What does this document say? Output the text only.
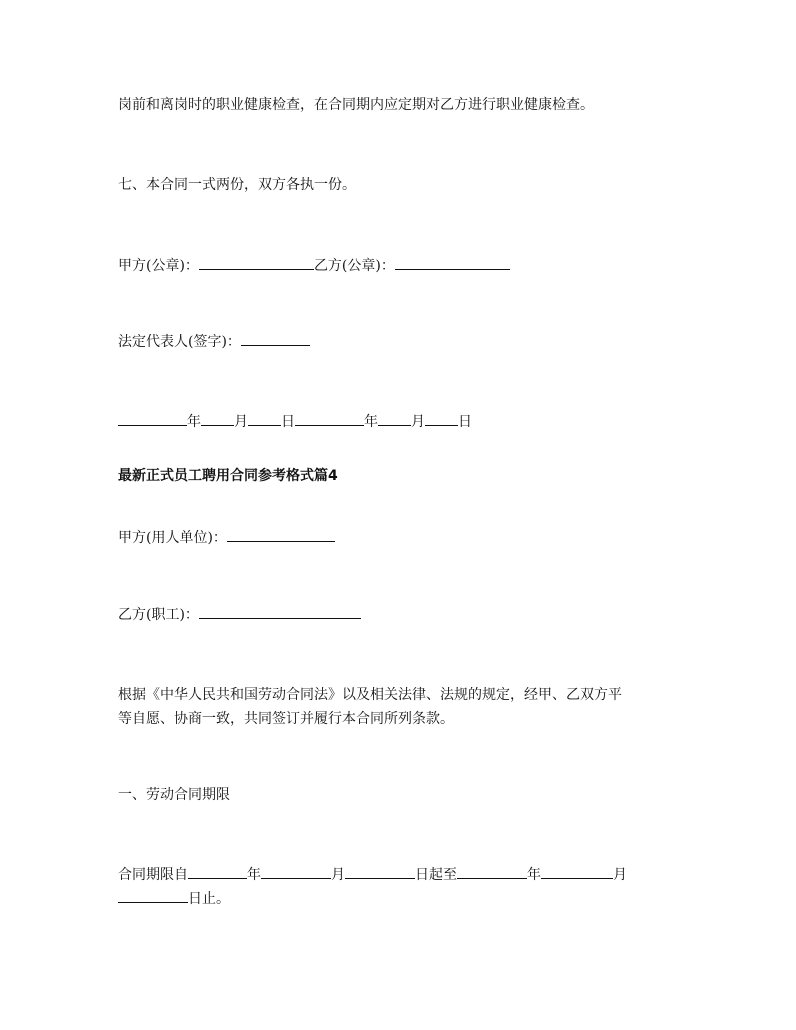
岗前和离岗时的职业健康检查，在合同期内应定期对乙方进行职业健康检查。
七、本合同一式两份，双方各执一份。
甲方(公章)：	乙方(公章)：
法定代表人(签字)：
年 月 日	年 月 日
最新正式员工聘用合同参考格式篇4
甲方(用人单位)：
乙方(职工)：
根据《中华人民共和国劳动合同法》以及相关法律、法规的规定，经甲、乙双方平
等自愿、协商一致，共同签订并履行本合同所列条款。
一、劳动合同期限
合同期限自	年	月	日起至	年	月
日止。
